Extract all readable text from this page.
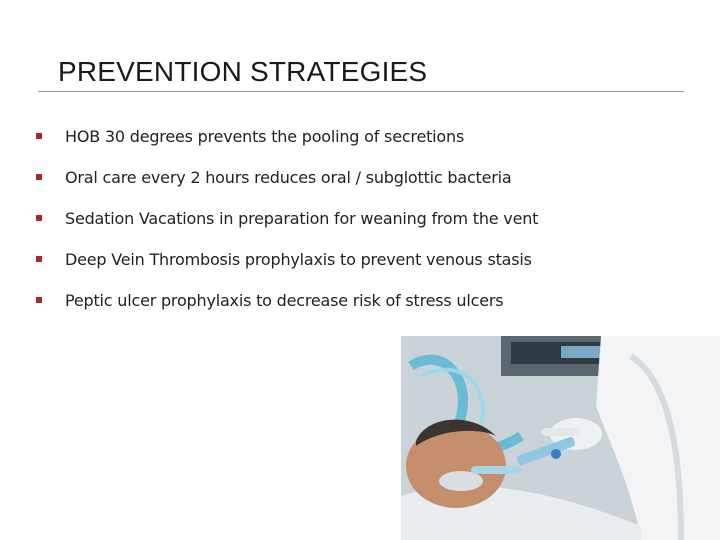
PREVENTION STRATEGIES
HOB 30 degrees prevents the pooling of secretions
Oral care every 2 hours reduces oral / subglottic bacteria
Sedation Vacations in preparation for weaning from the vent
Deep Vein Thrombosis prophylaxis to prevent venous stasis
Peptic ulcer prophylaxis to decrease risk of stress ulcers
